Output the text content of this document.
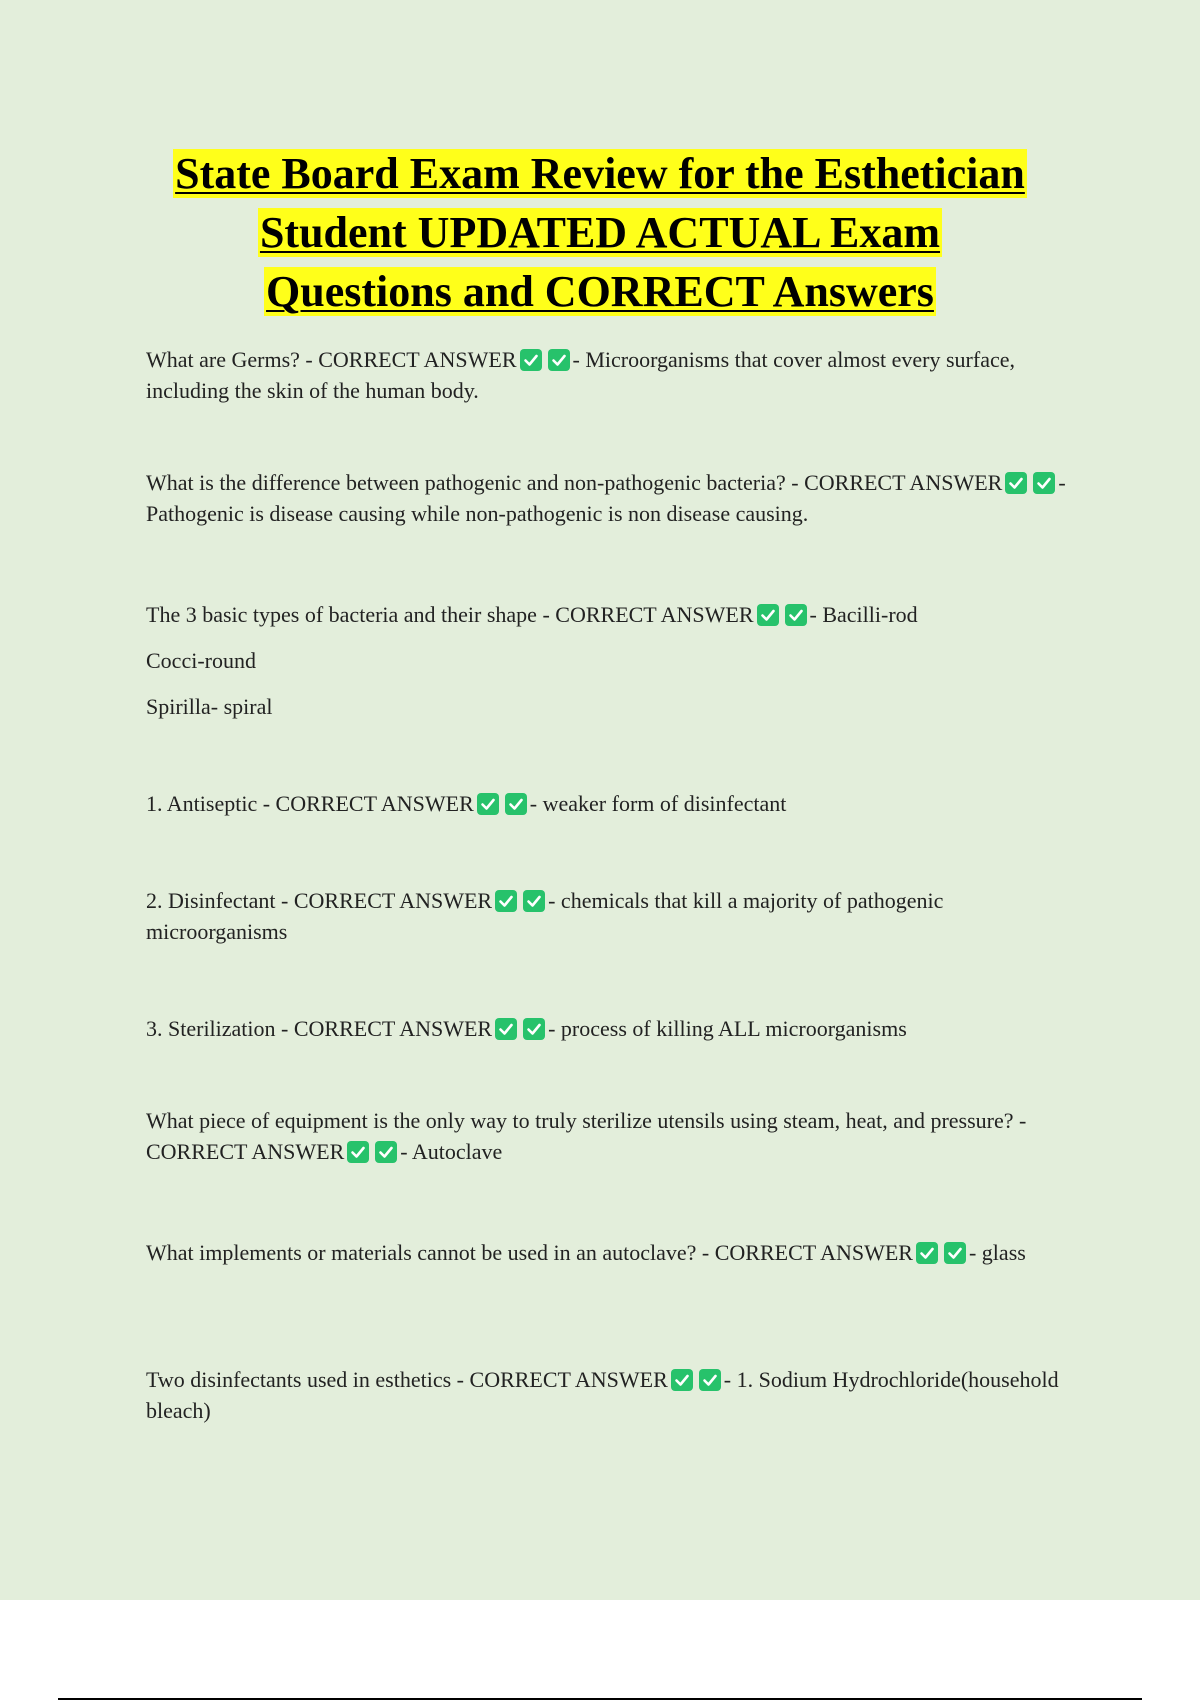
State Board Exam Review for the Esthetician
Student UPDATED ACTUAL Exam
Questions and CORRECT Answers

What are Germs? - CORRECT ANSWER	- Microorganisms that cover almost every surface, including the skin of the human body.

What is the difference between pathogenic and non-pathogenic bacteria? - CORRECT ANSWER	- Pathogenic is disease causing while non-pathogenic is non disease causing.

The 3 basic types of bacteria and their shape - CORRECT ANSWER	- Bacilli-rod

Cocci-round

Spirilla- spiral

1. Antiseptic - CORRECT ANSWER	- weaker form of disinfectant

2. Disinfectant - CORRECT ANSWER	- chemicals that kill a majority of pathogenic microorganisms

3. Sterilization - CORRECT ANSWER	- process of killing ALL microorganisms

What piece of equipment is the only way to truly sterilize utensils using steam, heat, and pressure? - CORRECT ANSWER	- Autoclave

What implements or materials cannot be used in an autoclave? - CORRECT ANSWER	- glass

Two disinfectants used in esthetics - CORRECT ANSWER	- 1. Sodium Hydrochloride(household bleach)
